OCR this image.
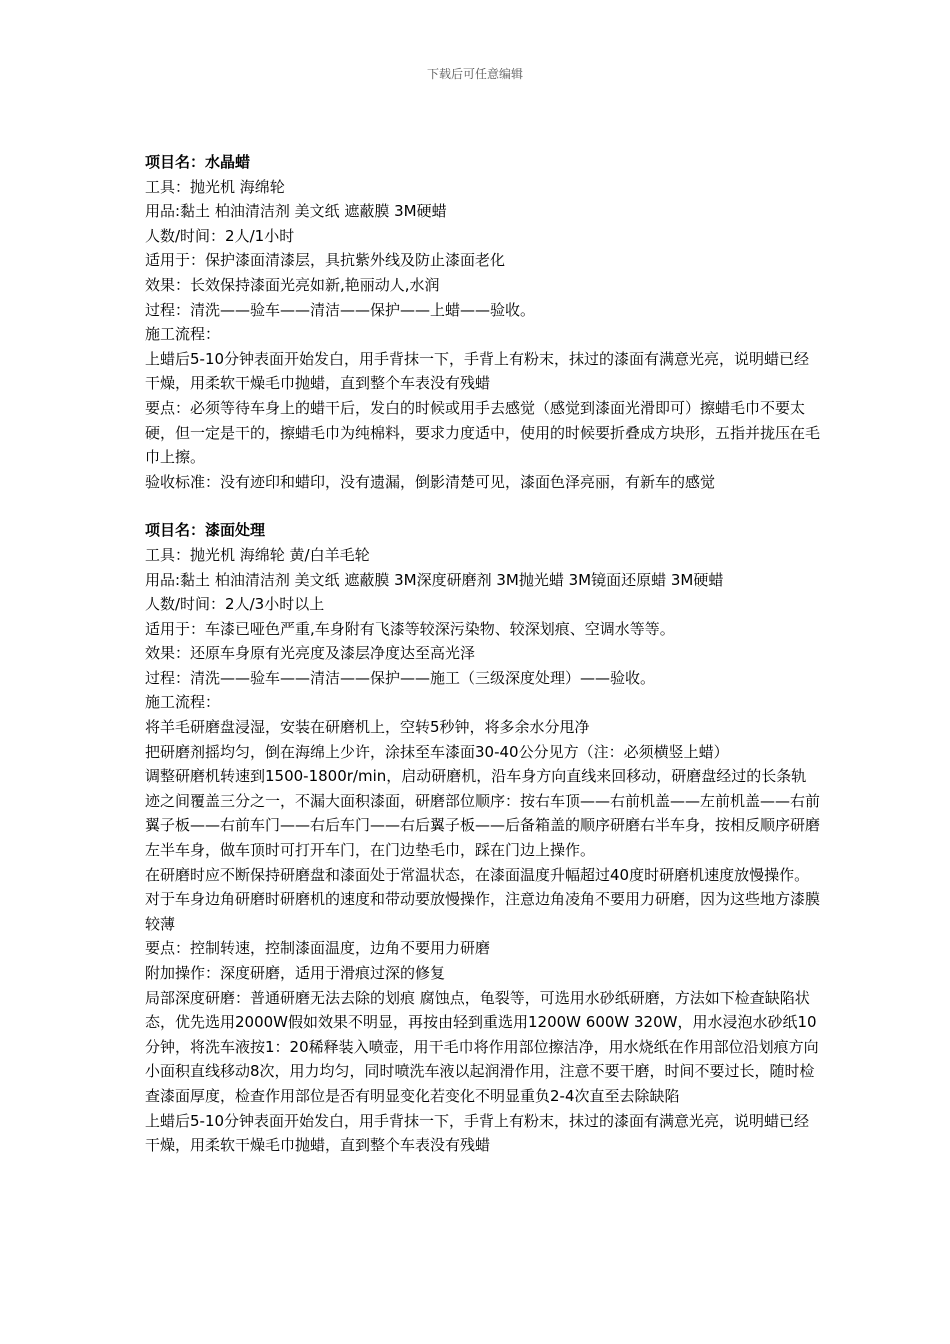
下载后可任意编辑

项目名：水晶蜡

工具：抛光机 海绵轮

用品:黏土 柏油清洁剂 美文纸 遮蔽膜 3M硬蜡

人数/时间：2人/1小时

适用于：保护漆面清漆层，具抗紫外线及防止漆面老化

效果：长效保持漆面光亮如新,艳丽动人,水润

过程：清洗——验车——清洁——保护——上蜡——验收。

施工流程：

上蜡后5-10分钟表面开始发白，用手背抹一下，手背上有粉末，抹过的漆面有满意光亮，说明蜡已经干燥，用柔软干燥毛巾抛蜡，直到整个车表没有残蜡

要点：必须等待车身上的蜡干后，发白的时候或用手去感觉（感觉到漆面光滑即可）擦蜡毛巾不要太硬，但一定是干的，擦蜡毛巾为纯棉料，要求力度适中，使用的时候要折叠成方块形，五指并拢压在毛巾上擦。

验收标准：没有迹印和蜡印，没有遗漏，倒影清楚可见，漆面色泽亮丽，有新车的感觉

项目名：漆面处理

工具：抛光机 海绵轮 黄/白羊毛轮

用品:黏土 柏油清洁剂 美文纸 遮蔽膜 3M深度研磨剂 3M抛光蜡 3M镜面还原蜡 3M硬蜡

人数/时间：2人/3小时以上

适用于：车漆已哑色严重,车身附有飞漆等较深污染物、较深划痕、空调水等等。

效果：还原车身原有光亮度及漆层净度达至高光泽

过程：清洗——验车——清洁——保护——施工（三级深度处理）——验收。

施工流程：

将羊毛研磨盘浸湿，安装在研磨机上，空转5秒钟，将多余水分甩净

把研磨剂摇均匀，倒在海绵上少许，涂抹至车漆面30-40公分见方（注：必须横竖上蜡）

调整研磨机转速到1500-1800r/min，启动研磨机，沿车身方向直线来回移动，研磨盘经过的长条轨迹之间覆盖三分之一，不漏大面积漆面，研磨部位顺序：按右车顶——右前机盖——左前机盖——右前翼子板——右前车门——右后车门——右后翼子板——后备箱盖的顺序研磨右半车身，按相反顺序研磨左半车身，做车顶时可打开车门，在门边垫毛巾，踩在门边上操作。

在研磨时应不断保持研磨盘和漆面处于常温状态，在漆面温度升幅超过40度时研磨机速度放慢操作。对于车身边角研磨时研磨机的速度和带动要放慢操作，注意边角凌角不要用力研磨，因为这些地方漆膜较薄

要点：控制转速，控制漆面温度，边角不要用力研磨

附加操作：深度研磨，适用于滑痕过深的修复

局部深度研磨：普通研磨无法去除的划痕 腐蚀点，龟裂等，可选用水砂纸研磨，方法如下检查缺陷状态，优先选用2000W假如效果不明显，再按由轻到重选用1200W 600W 320W，用水浸泡水砂纸10分钟，将洗车液按1：20稀释装入喷壶，用干毛巾将作用部位擦洁净，用水烧纸在作用部位沿划痕方向小面积直线移动8次，用力均匀，同时喷洗车液以起润滑作用，注意不要干磨，时间不要过长，随时检查漆面厚度，检查作用部位是否有明显变化若变化不明显重负2-4次直至去除缺陷

上蜡后5-10分钟表面开始发白，用手背抹一下，手背上有粉末，抹过的漆面有满意光亮，说明蜡已经干燥，用柔软干燥毛巾抛蜡，直到整个车表没有残蜡
